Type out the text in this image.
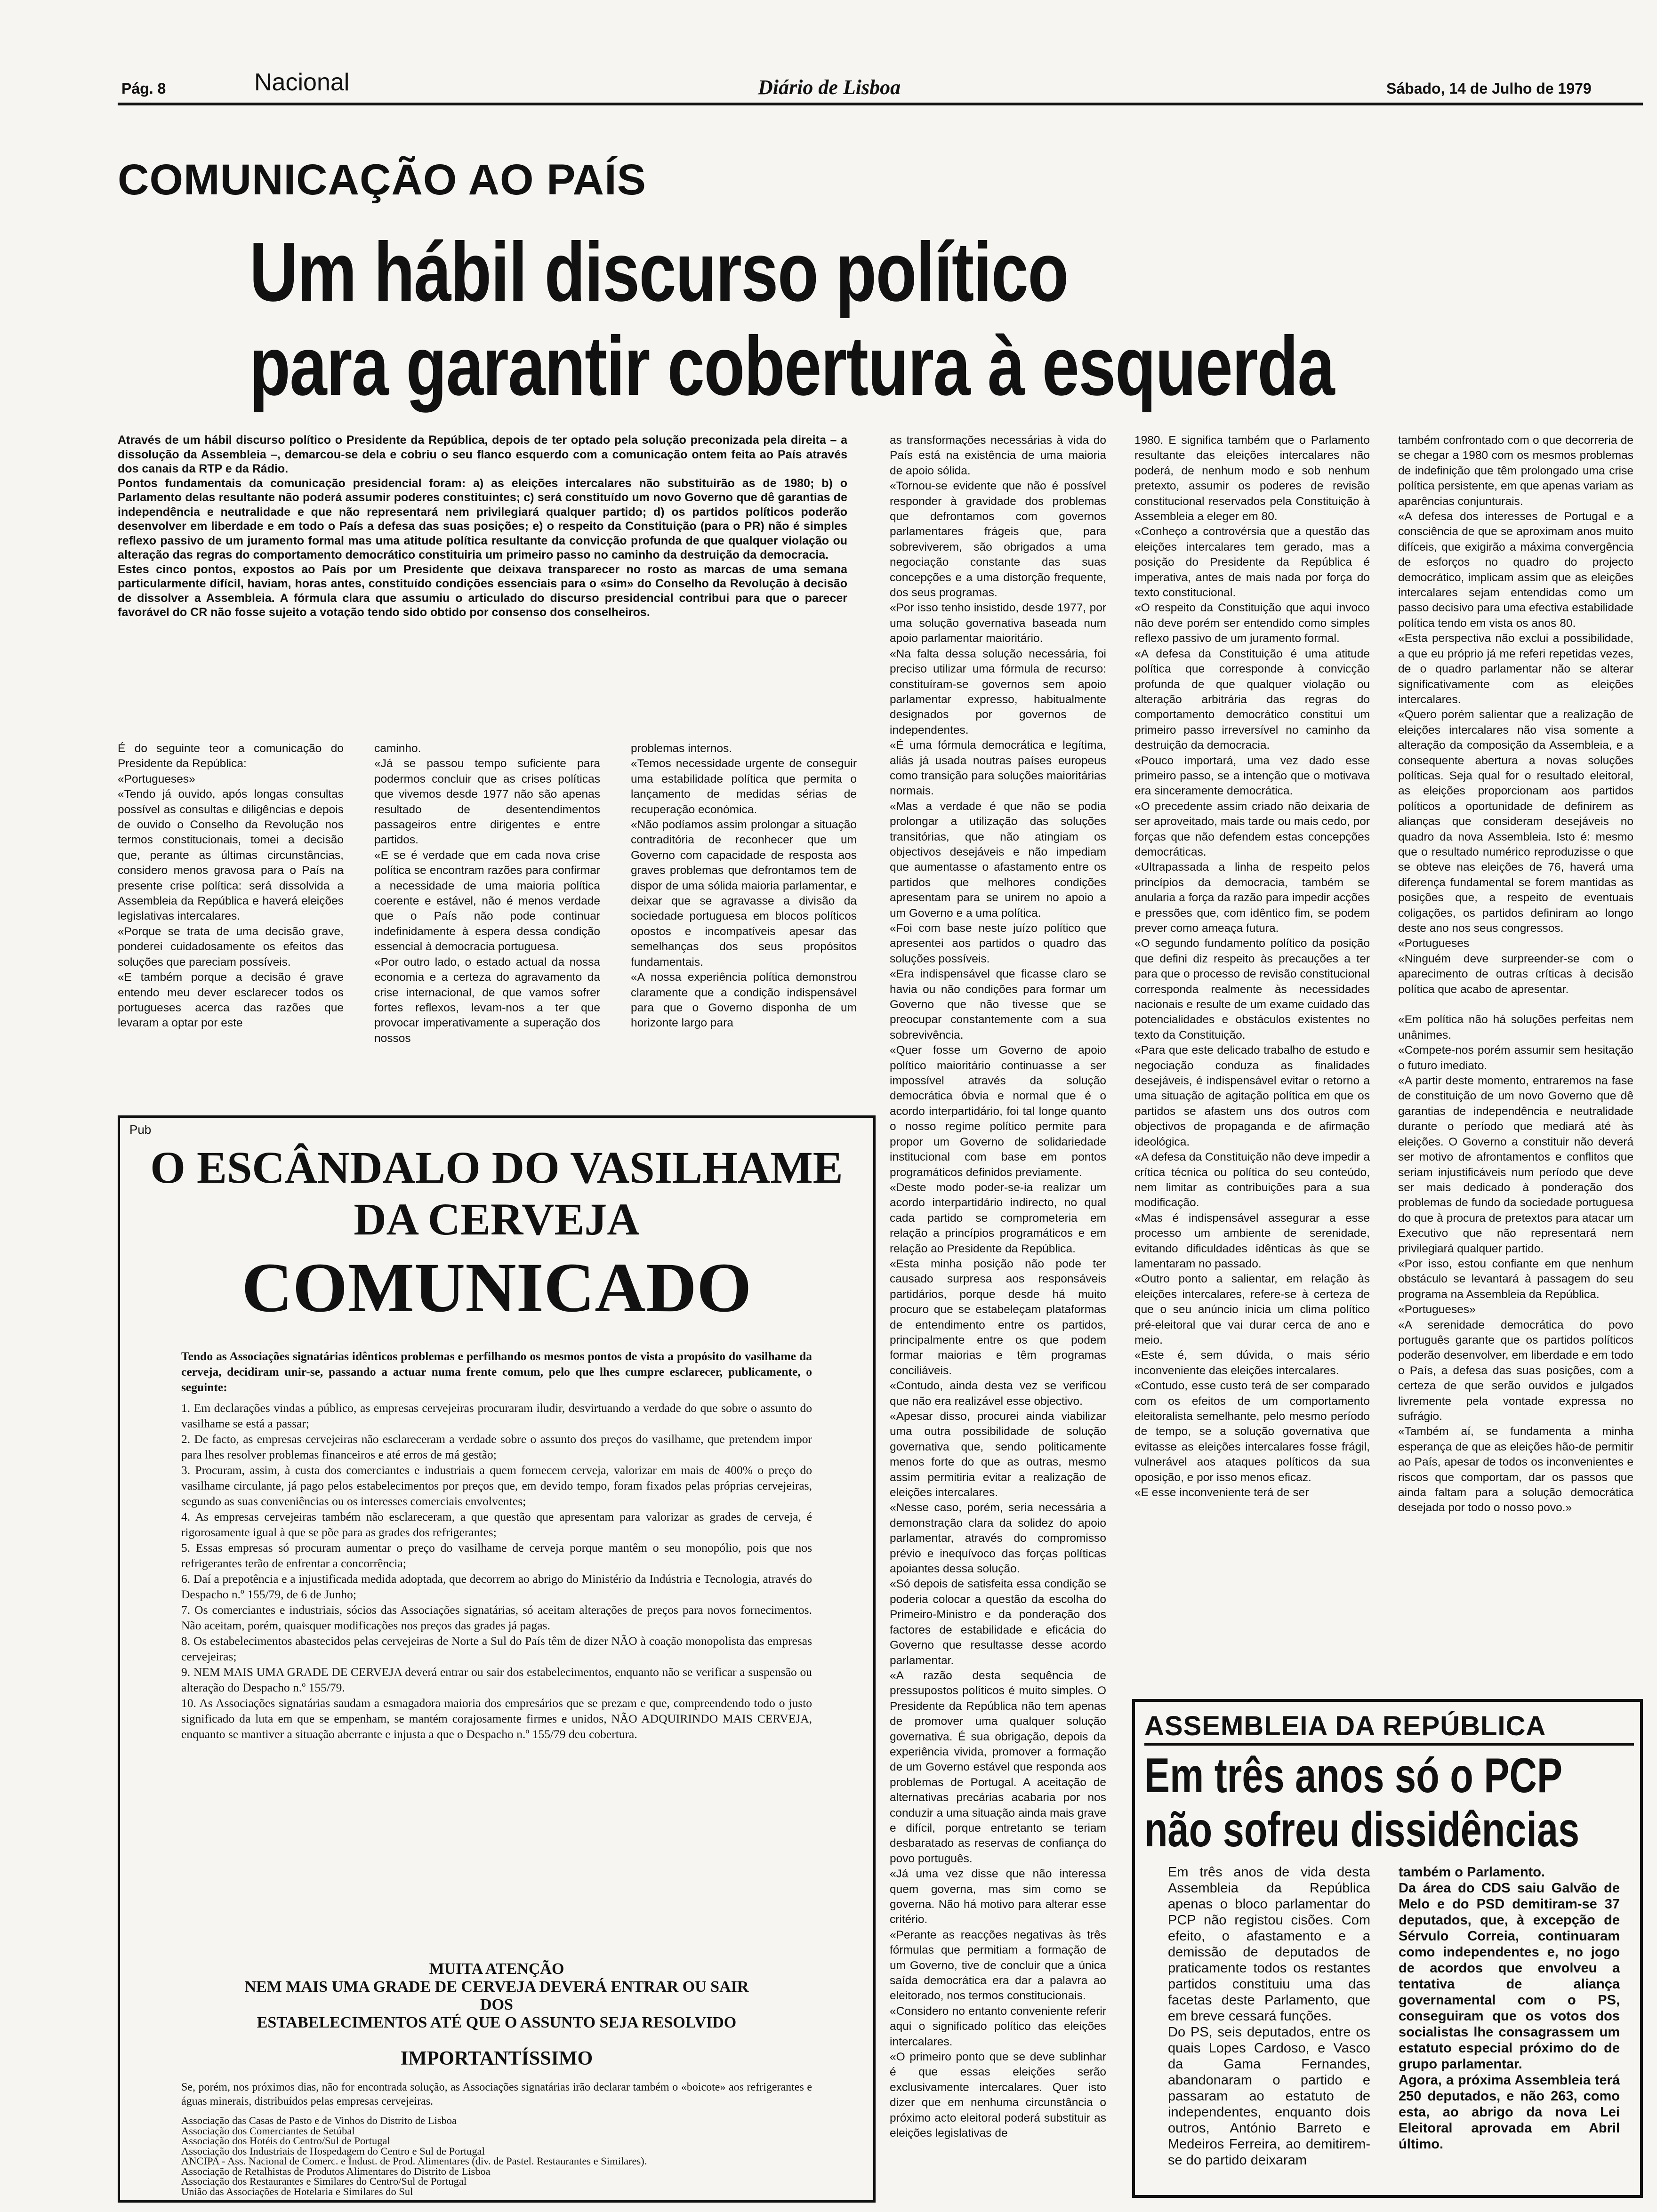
Pág. 8	Nacional	Diário de Lisboa	Sábado, 14 de Julho de 1979
COMUNICAÇÃO AO PAÍS
Um hábil discurso político
para garantir cobertura à esquerda
Através de um hábil discurso político o Presidente da República, depois de ter optado pela solução preconizada pela direita – a dissolução da Assembleia –, demarcou-se dela e cobriu o seu flanco esquerdo com a comunicação ontem feita ao País através dos canais da RTP e da Rádio.
Pontos fundamentais da comunicação presidencial foram: a) as eleições intercalares não substituirão as de 1980; b) o Parlamento delas resultante não poderá assumir poderes constituintes; c) será constituído um novo Governo que dê garantias de independência e neutralidade e que não representará nem privilegiará qualquer partido; d) os partidos políticos poderão desenvolver em liberdade e em todo o País a defesa das suas posições; e) o respeito da Constituição (para o PR) não é simples reflexo passivo de um juramento formal mas uma atitude política resultante da convicção profunda de que qualquer violação ou alteração das regras do comportamento democrático constituiria um primeiro passo no caminho da destruição da democracia.
Estes cinco pontos, expostos ao País por um Presidente que deixava transparecer no rosto as marcas de uma semana particularmente difícil, haviam, horas antes, constituído condições essenciais para o «sim» do Conselho da Revolução à decisão de dissolver a Assembleia. A fórmula clara que assumiu o articulado do discurso presidencial contribui para que o parecer favorável do CR não fosse sujeito a votação tendo sido obtido por consenso dos conselheiros.
É do seguinte teor a comunicação do Presidente da República:
«Portugueses»
«Tendo já ouvido, após longas consultas possível as consultas e diligências e depois de ouvido o Conselho da Revolução nos termos constitucionais, tomei a decisão que, perante as últimas circunstâncias, considero menos gravosa para o País na presente crise política: será dissolvida a Assembleia da República e haverá eleições legislativas intercalares.
«Porque se trata de uma decisão grave, ponderei cuidadosamente os efeitos das soluções que pareciam possíveis.
«E também porque a decisão é grave entendo meu dever esclarecer todos os portugueses acerca das razões que levaram a optar por este
caminho.
«Já se passou tempo suficiente para podermos concluir que as crises políticas que vivemos desde 1977 não são apenas resultado de desentendimentos passageiros entre dirigentes e entre partidos.
«E se é verdade que em cada nova crise política se encontram razões para confirmar a necessidade de uma maioria política coerente e estável, não é menos verdade que o País não pode continuar indefinidamente à espera dessa condição essencial à democracia portuguesa.
«Por outro lado, o estado actual da nossa economia e a certeza do agravamento da crise internacional, de que vamos sofrer fortes reflexos, levam-nos a ter que provocar imperativamente a superação dos nossos
problemas internos.
«Temos necessidade urgente de conseguir uma estabilidade política que permita o lançamento de medidas sérias de recuperação económica.
«Não podíamos assim prolongar a situação contraditória de reconhecer que um Governo com capacidade de resposta aos graves problemas que defrontamos tem de dispor de uma sólida maioria parlamentar, e deixar que se agravasse a divisão da sociedade portuguesa em blocos políticos opostos e incompatíveis apesar das semelhanças dos seus propósitos fundamentais.
«A nossa experiência política demonstrou claramente que a condição indispensável para que o Governo disponha de um horizonte largo para
as transformações necessárias à vida do País está na existência de uma maioria de apoio sólida.
«Tornou-se evidente que não é possível responder à gravidade dos problemas que defrontamos com governos parlamentares frágeis que, para sobreviverem, são obrigados a uma negociação constante das suas concepções e a uma distorção frequente, dos seus programas.
«Por isso tenho insistido, desde 1977, por uma solução governativa baseada num apoio parlamentar maioritário.
«Na falta dessa solução necessária, foi preciso utilizar uma fórmula de recurso: constituíram-se governos sem apoio parlamentar expresso, habitualmente designados por governos de independentes.
«É uma fórmula democrática e legítima, aliás já usada noutras países europeus como transição para soluções maioritárias normais.
«Mas a verdade é que não se podia prolongar a utilização das soluções transitórias, que não atingiam os objectivos desejáveis e não impediam que aumentasse o afastamento entre os partidos que melhores condições apresentam para se unirem no apoio a um Governo e a uma política.
«Foi com base neste juízo político que apresentei aos partidos o quadro das soluções possíveis.
«Era indispensável que ficasse claro se havia ou não condições para formar um Governo que não tivesse que se preocupar constantemente com a sua sobrevivência.
«Quer fosse um Governo de apoio político maioritário continuasse a ser impossível através da solução democrática óbvia e normal que é o acordo interpartidário, foi tal longe quanto o nosso regime político permite para propor um Governo de solidariedade institucional com base em pontos programáticos definidos previamente.
«Deste modo poder-se-ia realizar um acordo interpartidário indirecto, no qual cada partido se comprometeria em relação a princípios programáticos e em relação ao Presidente da República.
«Esta minha posição não pode ter causado surpresa aos responsáveis partidários, porque desde há muito procuro que se estabeleçam plataformas de entendimento entre os partidos, principalmente entre os que podem formar maiorias e têm programas conciliáveis.
«Contudo, ainda desta vez se verificou que não era realizável esse objectivo.
«Apesar disso, procurei ainda viabilizar uma outra possibilidade de solução governativa que, sendo politicamente menos forte do que as outras, mesmo assim permitiria evitar a realização de eleições intercalares.
«Nesse caso, porém, seria necessária a demonstração clara da solidez do apoio parlamentar, através do compromisso prévio e inequívoco das forças políticas apoiantes dessa solução.
«Só depois de satisfeita essa condição se poderia colocar a questão da escolha do Primeiro-Ministro e da ponderação dos factores de estabilidade e eficácia do Governo que resultasse desse acordo parlamentar.
«A razão desta sequência de pressupostos políticos é muito simples. O Presidente da República não tem apenas de promover uma qualquer solução governativa. É sua obrigação, depois da experiência vivida, promover a formação de um Governo estável que responda aos problemas de Portugal. A aceitação de alternativas precárias acabaria por nos conduzir a uma situação ainda mais grave e difícil, porque entretanto se teriam desbaratado as reservas de confiança do povo português.
«Já uma vez disse que não interessa quem governa, mas sim como se governa. Não há motivo para alterar esse critério.
«Perante as reacções negativas às três fórmulas que permitiam a formação de um Governo, tive de concluir que a única saída democrática era dar a palavra ao eleitorado, nos termos constitucionais.
«Considero no entanto conveniente referir aqui o significado político das eleições intercalares.
«O primeiro ponto que se deve sublinhar é que essas eleições serão exclusivamente intercalares. Quer isto dizer que em nenhuma circunstância o próximo acto eleitoral poderá substituir as eleições legislativas de
1980. E significa também que o Parlamento resultante das eleições intercalares não poderá, de nenhum modo e sob nenhum pretexto, assumir os poderes de revisão constitucional reservados pela Constituição à Assembleia a eleger em 80.
«Conheço a controvérsia que a questão das eleições intercalares tem gerado, mas a posição do Presidente da República é imperativa, antes de mais nada por força do texto constitucional.
«O respeito da Constituição que aqui invoco não deve porém ser entendido como simples reflexo passivo de um juramento formal.
«A defesa da Constituição é uma atitude política que corresponde à convicção profunda de que qualquer violação ou alteração arbitrária das regras do comportamento democrático constitui um primeiro passo irreversível no caminho da destruição da democracia.
«Pouco importará, uma vez dado esse primeiro passo, se a intenção que o motivava era sinceramente democrática.
«O precedente assim criado não deixaria de ser aproveitado, mais tarde ou mais cedo, por forças que não defendem estas concepções democráticas.
«Ultrapassada a linha de respeito pelos princípios da democracia, também se anularia a força da razão para impedir acções e pressões que, com idêntico fim, se podem prever como ameaça futura.
«O segundo fundamento político da posição que defini diz respeito às precauções a ter para que o processo de revisão constitucional corresponda realmente às necessidades nacionais e resulte de um exame cuidado das potencialidades e obstáculos existentes no texto da Constituição.
«Para que este delicado trabalho de estudo e negociação conduza as finalidades desejáveis, é indispensável evitar o retorno a uma situação de agitação política em que os partidos se afastem uns dos outros com objectivos de propaganda e de afirmação ideológica.
«A defesa da Constituição não deve impedir a crítica técnica ou política do seu conteúdo, nem limitar as contribuições para a sua modificação.
«Mas é indispensável assegurar a esse processo um ambiente de serenidade, evitando dificuldades idênticas às que se lamentaram no passado.
«Outro ponto a salientar, em relação às eleições intercalares, refere-se à certeza de que o seu anúncio inicia um clima político pré-eleitoral que vai durar cerca de ano e meio.
«Este é, sem dúvida, o mais sério inconveniente das eleições intercalares.
«Contudo, esse custo terá de ser comparado com os efeitos de um comportamento eleitoralista semelhante, pelo mesmo período de tempo, se a solução governativa que evitasse as eleições intercalares fosse frágil, vulnerável aos ataques políticos da sua oposição, e por isso menos eficaz.
«E esse inconveniente terá de ser
também confrontado com o que decorreria de se chegar a 1980 com os mesmos problemas de indefinição que têm prolongado uma crise política persistente, em que apenas variam as aparências conjunturais.
«A defesa dos interesses de Portugal e a consciência de que se aproximam anos muito difíceis, que exigirão a máxima convergência de esforços no quadro do projecto democrático, implicam assim que as eleições intercalares sejam entendidas como um passo decisivo para uma efectiva estabilidade política tendo em vista os anos 80.
«Esta perspectiva não exclui a possibilidade, a que eu próprio já me referi repetidas vezes, de o quadro parlamentar não se alterar significativamente com as eleições intercalares.
«Quero porém salientar que a realização de eleições intercalares não visa somente a alteração da composição da Assembleia, e a consequente abertura a novas soluções políticas. Seja qual for o resultado eleitoral, as eleições proporcionam aos partidos políticos a oportunidade de definirem as alianças que consideram desejáveis no quadro da nova Assembleia. Isto é: mesmo que o resultado numérico reproduzisse o que se obteve nas eleições de 76, haverá uma diferença fundamental se forem mantidas as posições que, a respeito de eventuais coligações, os partidos definiram ao longo deste ano nos seus congressos.
«Portugueses
«Ninguém deve surpreender-se com o aparecimento de outras críticas à decisão política que acabo de apresentar.

«Em política não há soluções perfeitas nem unânimes.
«Compete-nos porém assumir sem hesitação o futuro imediato.
«A partir deste momento, entraremos na fase de constituição de um novo Governo que dê garantias de independência e neutralidade durante o período que mediará até às eleições. O Governo a constituir não deverá ser motivo de afrontamentos e conflitos que seriam injustificáveis num período que deve ser mais dedicado à ponderação dos problemas de fundo da sociedade portuguesa do que à procura de pretextos para atacar um Executivo que não representará nem privilegiará qualquer partido.
«Por isso, estou confiante em que nenhum obstáculo se levantará à passagem do seu programa na Assembleia da República.
«Portugueses»
«A serenidade democrática do povo português garante que os partidos políticos poderão desenvolver, em liberdade e em todo o País, a defesa das suas posições, com a certeza de que serão ouvidos e julgados livremente pela vontade expressa no sufrágio.
«Também aí, se fundamenta a minha esperança de que as eleições hão-de permitir ao País, apesar de todos os inconvenientes e riscos que comportam, dar os passos que ainda faltam para a solução democrática desejada por todo o nosso povo.»
Pub
O ESCÂNDALO DO VASILHAME
DA CERVEJA
COMUNICADO
Tendo as Associações signatárias idênticos problemas e perfilhando os mesmos pontos de vista a propósito do vasilhame da cerveja, decidiram unir-se, passando a actuar numa frente comum, pelo que lhes cumpre esclarecer, publicamente, o seguinte:
1. Em declarações vindas a público, as empresas cervejeiras procuraram iludir, desvirtuando a verdade do que sobre o assunto do vasilhame se está a passar;
2. De facto, as empresas cervejeiras não esclareceram a verdade sobre o assunto dos preços do vasilhame, que pretendem impor para lhes resolver problemas financeiros e até erros de má gestão;
3. Procuram, assim, à custa dos comerciantes e industriais a quem fornecem cerveja, valorizar em mais de 400% o preço do vasilhame circulante, já pago pelos estabelecimentos por preços que, em devido tempo, foram fixados pelas próprias cervejeiras, segundo as suas conveniências ou os interesses comerciais envolventes;
4. As empresas cervejeiras também não esclareceram, a que questão que apresentam para valorizar as grades de cerveja, é rigorosamente igual à que se põe para as grades dos refrigerantes;
5. Essas empresas só procuram aumentar o preço do vasilhame de cerveja porque mantêm o seu monopólio, pois que nos refrigerantes terão de enfrentar a concorrência;
6. Daí a prepotência e a injustificada medida adoptada, que decorrem ao abrigo do Ministério da Indústria e Tecnologia, através do Despacho n.º 155/79, de 6 de Junho;
7. Os comerciantes e industriais, sócios das Associações signatárias, só aceitam alterações de preços para novos fornecimentos. Não aceitam, porém, quaisquer modificações nos preços das grades já pagas.
8. Os estabelecimentos abastecidos pelas cervejeiras de Norte a Sul do País têm de dizer NÃO à coação monopolista das empresas cervejeiras;
9. NEM MAIS UMA GRADE DE CERVEJA deverá entrar ou sair dos estabelecimentos, enquanto não se verificar a suspensão ou alteração do Despacho n.º 155/79.
10. As Associações signatárias saudam a esmagadora maioria dos empresários que se prezam e que, compreendendo todo o justo significado da luta em que se empenham, se mantém corajosamente firmes e unidos, NÃO ADQUIRINDO MAIS CERVEJA, enquanto se mantiver a situação aberrante e injusta a que o Despacho n.º 155/79 deu cobertura.
MUITA ATENÇÃO
NEM MAIS UMA GRADE DE CERVEJA DEVERÁ ENTRAR OU SAIR
DOS
ESTABELECIMENTOS ATÉ QUE O ASSUNTO SEJA RESOLVIDO
IMPORTANTÍSSIMO
Se, porém, nos próximos dias, não for encontrada solução, as Associações signatárias irão declarar também o «boicote» aos refrigerantes e águas minerais, distribuídos pelas empresas cervejeiras.
Associação das Casas de Pasto e de Vinhos do Distrito de Lisboa
Associação dos Comerciantes de Setúbal
Associação dos Hotéis do Centro/Sul de Portugal
Associação dos Industriais de Hospedagem do Centro e Sul de Portugal
ANCIPA - Ass. Nacional de Comerc. e Indust. de Prod. Alimentares (div. de Pastel. Restaurantes e Similares).
Associação de Retalhistas de Produtos Alimentares do Distrito de Lisboa
Associação dos Restaurantes e Similares do Centro/Sul de Portugal
União das Associações de Hotelaria e Similares do Sul
ASSEMBLEIA DA REPÚBLICA
Em três anos só o PCP
não sofreu dissidências
Em três anos de vida desta Assembleia da República apenas o bloco parlamentar do PCP não registou cisões. Com efeito, o afastamento e a demissão de deputados de praticamente todos os restantes partidos constituiu uma das facetas deste Parlamento, que em breve cessará funções.
Do PS, seis deputados, entre os quais Lopes Cardoso, e Vasco da Gama Fernandes, abandonaram o partido e passaram ao estatuto de independentes, enquanto dois outros, António Barreto e Medeiros Ferreira, ao demitirem-se do partido deixaram
também o Parlamento.
Da área do CDS saiu Galvão de Melo e do PSD demitiram-se 37 deputados, que, à excepção de Sérvulo Correia, continuaram como independentes e, no jogo de acordos que envolveu a tentativa de aliança governamental com o PS, conseguiram que os votos dos socialistas lhe consagrassem um estatuto especial próximo do de grupo parlamentar.
Agora, a próxima Assembleia terá 250 deputados, e não 263, como esta, ao abrigo da nova Lei Eleitoral aprovada em Abril último.
